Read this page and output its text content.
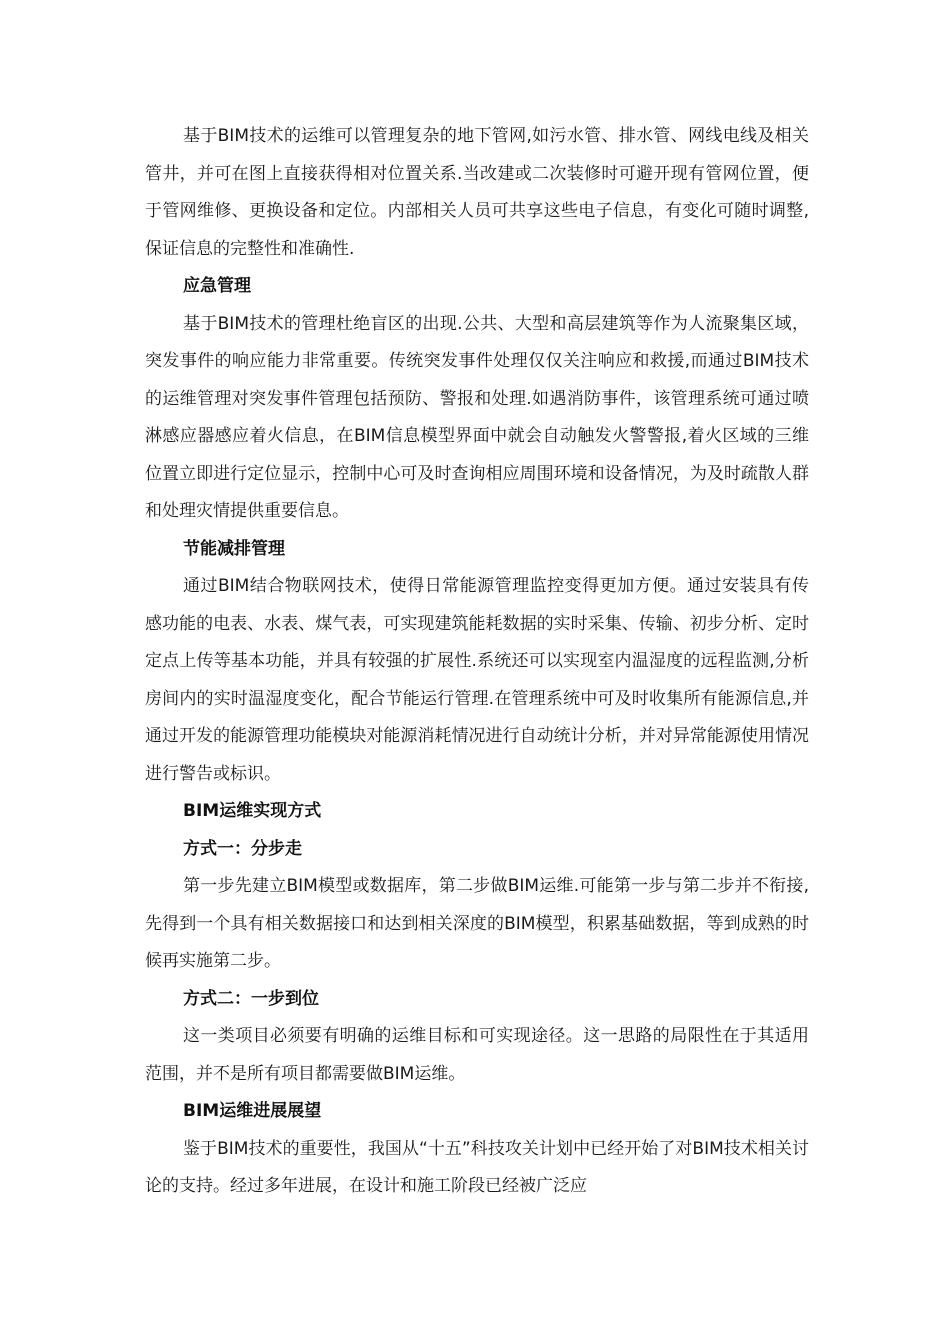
基于BIM技术的运维可以管理复杂的地下管网,如污水管、排水管、网线电线及相关管井，并可在图上直接获得相对位置关系.当改建或二次装修时可避开现有管网位置，便于管网维修、更换设备和定位。内部相关人员可共享这些电子信息，有变化可随时调整,保证信息的完整性和准确性.

应急管理

基于BIM技术的管理杜绝盲区的出现.公共、大型和高层建筑等作为人流聚集区域，突发事件的响应能力非常重要。传统突发事件处理仅仅关注响应和救援,而通过BIM技术的运维管理对突发事件管理包括预防、警报和处理.如遇消防事件，该管理系统可通过喷淋感应器感应着火信息，在BIM信息模型界面中就会自动触发火警警报,着火区域的三维位置立即进行定位显示，控制中心可及时查询相应周围环境和设备情况，为及时疏散人群和处理灾情提供重要信息。

节能减排管理

通过BIM结合物联网技术，使得日常能源管理监控变得更加方便。通过安装具有传感功能的电表、水表、煤气表，可实现建筑能耗数据的实时采集、传输、初步分析、定时定点上传等基本功能，并具有较强的扩展性.系统还可以实现室内温湿度的远程监测,分析房间内的实时温湿度变化，配合节能运行管理.在管理系统中可及时收集所有能源信息,并通过开发的能源管理功能模块对能源消耗情况进行自动统计分析，并对异常能源使用情况进行警告或标识。

BIM运维实现方式

方式一：分步走

第一步先建立BIM模型或数据库，第二步做BIM运维.可能第一步与第二步并不衔接,先得到一个具有相关数据接口和达到相关深度的BIM模型，积累基础数据，等到成熟的时候再实施第二步。

方式二：一步到位

这一类项目必须要有明确的运维目标和可实现途径。这一思路的局限性在于其适用范围，并不是所有项目都需要做BIM运维。

BIM运维进展展望

鉴于BIM技术的重要性，我国从“十五”科技攻关计划中已经开始了对BIM技术相关讨论的支持。经过多年进展，在设计和施工阶段已经被广泛应
